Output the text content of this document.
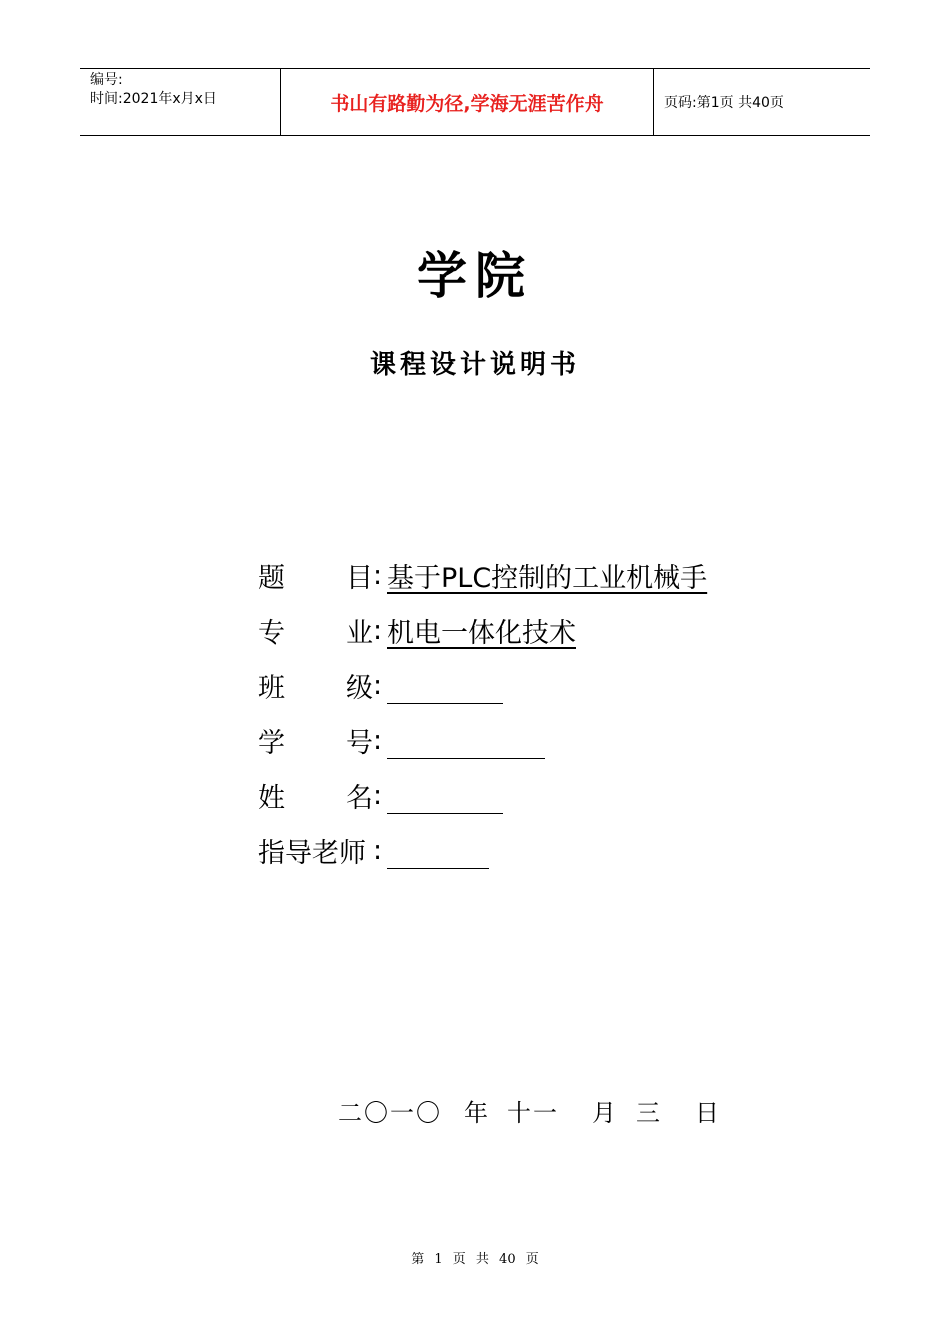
编号:
时间:2021年x月x日	书山有路勤为径,学海无涯苦作舟	页码:第1页 共40页
学院
课程设计说明书
题 目 : 基于PLC控制的工业机械手
专 业 : 机电一体化技术
班 级 :
学 号 :
姓 名 :
指导老师 :
二〇一〇 年 十一 月 三 日
第 1 页 共 40 页
